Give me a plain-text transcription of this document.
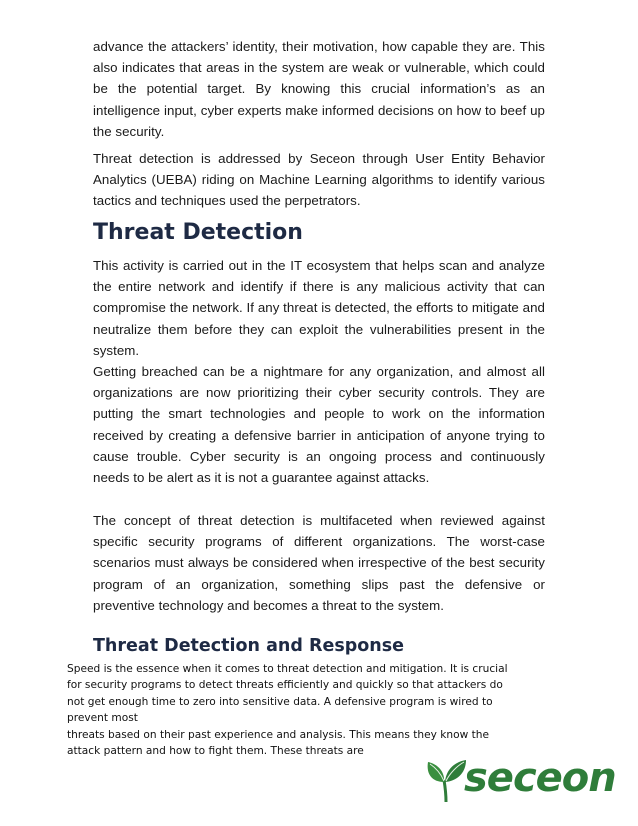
advance the attackers’ identity, their motivation, how capable they are. This also indicates that areas in the system are weak or vulnerable, which could be the potential target. By knowing this crucial information’s as an intelligence input, cyber experts make informed decisions on how to beef up the security.

Threat detection is addressed by Seceon through User Entity Behavior Analytics (UEBA) riding on Machine Learning algorithms to identify various tactics and techniques used the perpetrators.

Threat Detection

This activity is carried out in the IT ecosystem that helps scan and analyze the entire network and identify if there is any malicious activity that can compromise the network. If any threat is detected, the efforts to mitigate and neutralize them before they can exploit the vulnerabilities present in the system.

Getting breached can be a nightmare for any organization, and almost all organizations are now prioritizing their cyber security controls. They are putting the smart technologies and people to work on the information received by creating a defensive barrier in anticipation of anyone trying to cause trouble. Cyber security is an ongoing process and continuously needs to be alert as it is not a guarantee against attacks.

The concept of threat detection is multifaceted when reviewed against specific security programs of different organizations. The worst-case scenarios must always be considered when irrespective of the best security program of an organization, something slips past the defensive or preventive technology and becomes a threat to the system.

Threat Detection and Response
Speed is the essence when it comes to threat detection and mitigation. It is crucial
for security programs to detect threats efficiently and quickly so that attackers do
not get enough time to zero into sensitive data. A defensive program is wired to
prevent most
threats based on their past experience and analysis. This means they know the
attack pattern and how to fight them. These threats are
seceon
